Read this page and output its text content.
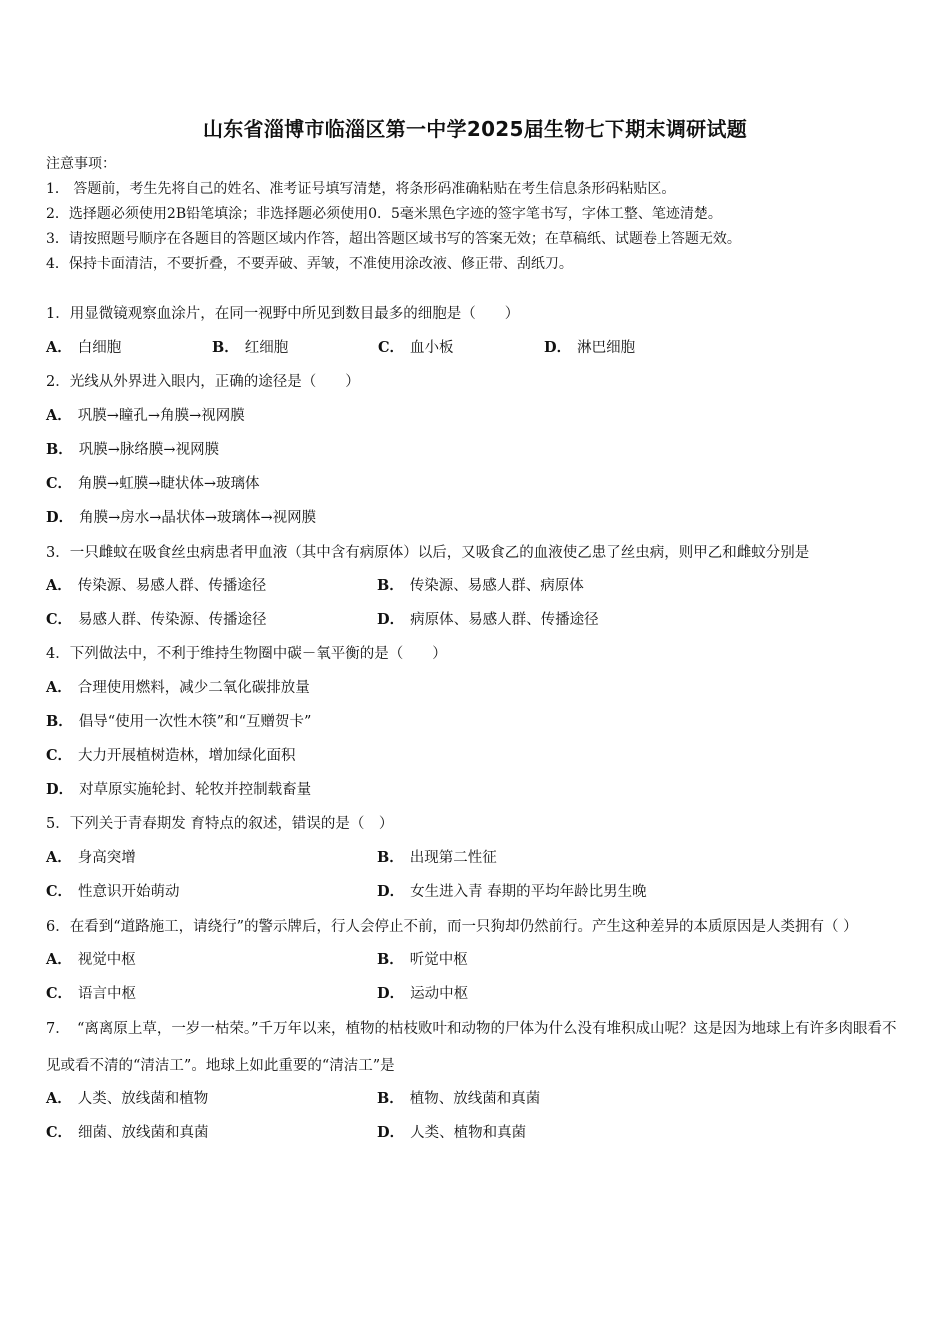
山东省淄博市临淄区第一中学2025届生物七下期末调研试题
注意事项：
1． 答题前，考生先将自己的姓名、准考证号填写清楚，将条形码准确粘贴在考生信息条形码粘贴区。
2．选择题必须使用2B铅笔填涂；非选择题必须使用0．5毫米黑色字迹的签字笔书写，字体工整、笔迹清楚。
3．请按照题号顺序在各题目的答题区域内作答，超出答题区域书写的答案无效；在草稿纸、试题卷上答题无效。
4．保持卡面清洁，不要折叠，不要弄破、弄皱，不准使用涂改液、修正带、刮纸刀。
1．用显微镜观察血涂片，在同一视野中所见到数目最多的细胞是（　　）
A． 白细胞	B． 红细胞	C． 血小板	D． 淋巴细胞
2．光线从外界进入眼内，正确的途径是（　　）
A． 巩膜→瞳孔→角膜→视网膜
B． 巩膜→脉络膜→视网膜
C． 角膜→虹膜→睫状体→玻璃体
D． 角膜→房水→晶状体→玻璃体→视网膜
3．一只雌蚊在吸食丝虫病患者甲血液（其中含有病原体）以后，又吸食乙的血液使乙患了丝虫病，则甲乙和雌蚊分别是
A． 传染源、易感人群、传播途径	B． 传染源、易感人群、病原体
C． 易感人群、传染源、传播途径	D． 病原体、易感人群、传播途径
4．下列做法中，不利于维持生物圈中碳－氧平衡的是（　　）
A． 合理使用燃料，减少二氧化碳排放量
B． 倡导“使用一次性木筷”和“互赠贺卡”
C． 大力开展植树造林，增加绿化面积
D． 对草原实施轮封、轮牧并控制载畜量
5．下列关于青春期发 育特点的叙述，错误的是（　）
A． 身高突增	B． 出现第二性征
C． 性意识开始萌动	D． 女生进入青 春期的平均年龄比男生晚
6．在看到“道路施工，请绕行”的警示牌后，行人会停止不前，而一只狗却仍然前行。产生这种差异的本质原因是人类拥有（ ）
A． 视觉中枢	B． 听觉中枢
C． 语言中枢	D． 运动中枢
7．　“离离原上草，一岁一枯荣。”千万年以来，植物的枯枝败叶和动物的尸体为什么没有堆积成山呢？这是因为地球上有许多肉眼看不见或看不清的“清洁工”。地球上如此重要的“清洁工”是
A． 人类、放线菌和植物	B． 植物、放线菌和真菌
C． 细菌、放线菌和真菌	D． 人类、植物和真菌
